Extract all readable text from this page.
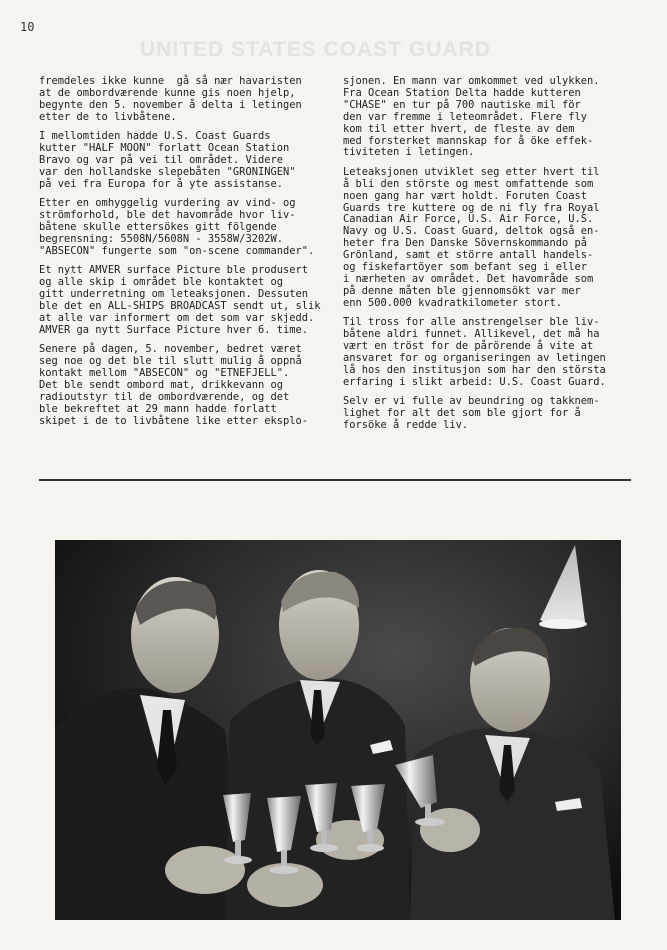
10
UNITED STATES COAST GUARD

fremdeles ikke kunne  gå så nær havaristen
at de ombordværende kunne gis noen hjelp,
begynte den 5. november å delta i letingen
etter de to livbåtene.

I mellomtiden hadde U.S. Coast Guards
kutter "HALF MOON" forlatt Ocean Station
Bravo og var på vei til området. Videre
var den hollandske slepebåten "GRONINGEN"
på vei fra Europa for å yte assistanse.

Etter en omhyggelig vurdering av vind- og
strömforhold, ble det havområde hvor liv-
båtene skulle ettersökes gitt fölgende
begrensning: 5508N/5608N - 3558W/3202W.
"ABSECON" fungerte som "on-scene commander".

Et nytt AMVER surface Picture ble produsert
og alle skip i området ble kontaktet og
gitt underretning om leteaksjonen. Dessuten
ble det en ALL-SHIPS BROADCAST sendt ut, slik
at alle var informert om det som var skjedd.
AMVER ga nytt Surface Picture hver 6. time.

Senere på dagen, 5. november, bedret været
seg noe og det ble til slutt mulig å oppnå
kontakt mellom "ABSECON" og "ETNEFJELL".
Det ble sendt ombord mat, drikkevann og
radioutstyr til de ombordværende, og det
ble bekreftet at 29 mann hadde forlatt
skipet i de to livbåtene like etter eksplo-

sjonen. En mann var omkommet ved ulykken.
Fra Ocean Station Delta hadde kutteren
"CHASE" en tur på 700 nautiske mil för
den var fremme i leteområdet. Flere fly
kom til etter hvert, de fleste av dem
med forsterket mannskap for å öke effek-
tiviteten i letingen.

Leteaksjonen utviklet seg etter hvert til
å bli den störste og mest omfattende som
noen gang har vært holdt. Foruten Coast
Guards tre kuttere og de ni fly fra Royal
Canadian Air Force, U.S. Air Force, U.S.
Navy og U.S. Coast Guard, deltok også en-
heter fra Den Danske Sövernskommando på
Grönland, samt et större antall handels-
og fiskefartöyer som befant seg i eller
i nærheten av området. Det havområde som
på denne måten ble gjennomsökt var mer
enn 500.000 kvadratkilometer stort.

Til tross for alle anstrengelser ble liv-
båtene aldri funnet. Allikevel, det må ha
vært en tröst for de pårörende å vite at
ansvaret for og organiseringen av letingen
lå hos den institusjon som har den största
erfaring i slikt arbeid: U.S. Coast Guard.

Selv er vi fulle av beundring og takknem-
lighet for alt det som ble gjort for å
forsöke å redde liv.
